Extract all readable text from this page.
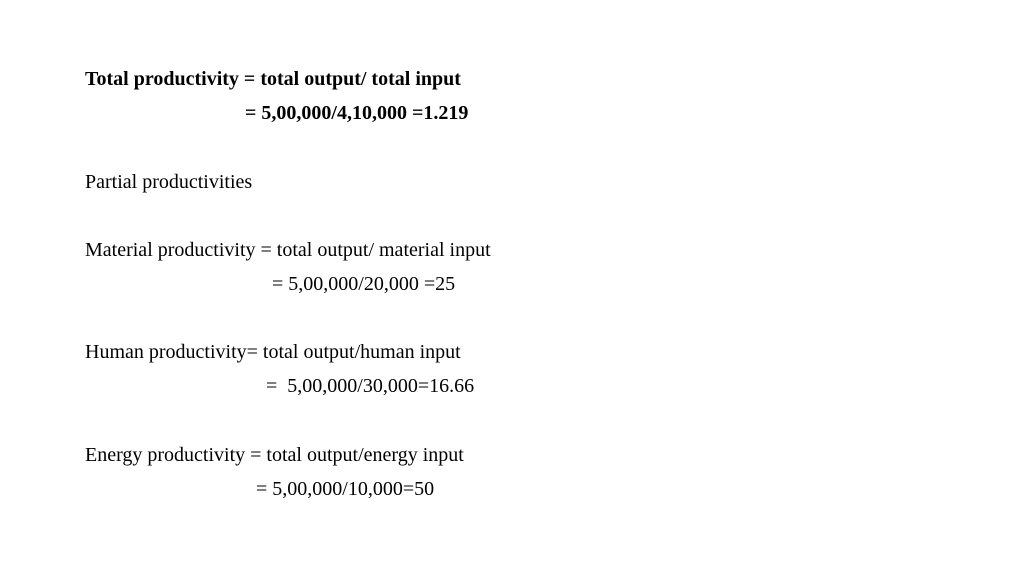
Total productivity = total output/ total input
= 5,00,000/4,10,000 =1.219
Partial productivities
Material productivity = total output/ material input
= 5,00,000/20,000 =25
Human productivity= total output/human input
=  5,00,000/30,000=16.66
Energy productivity = total output/energy input
= 5,00,000/10,000=50
